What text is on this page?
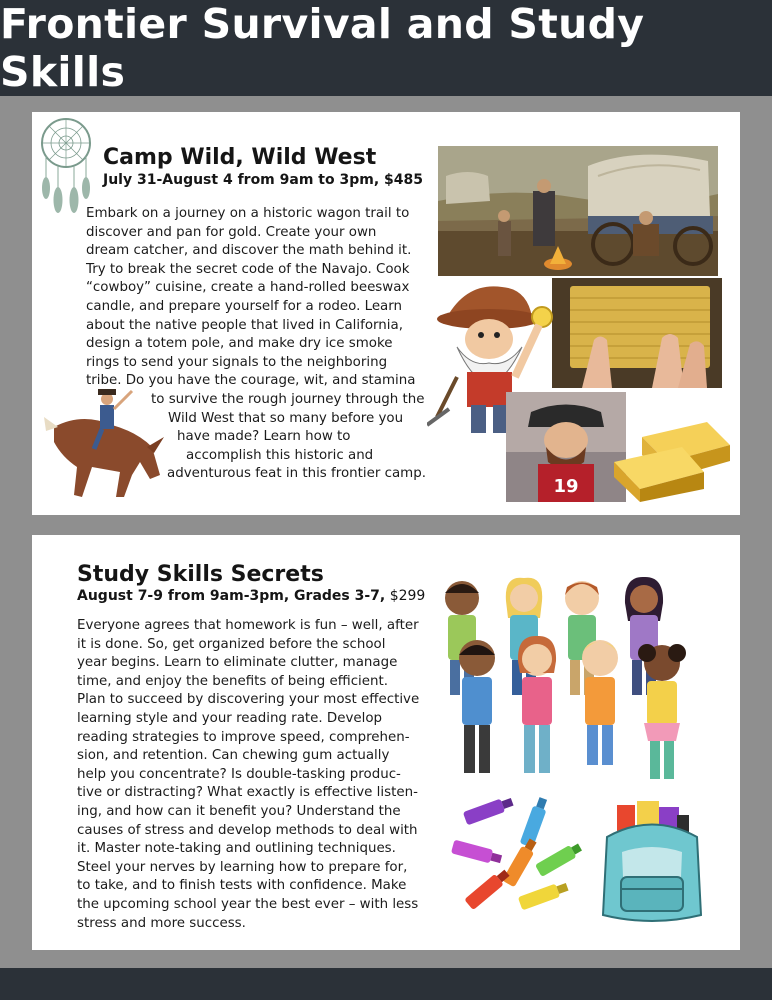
Frontier Survival and Study Skills
Camp Wild, Wild West
July 31-August 4 from 9am to 3pm, $485
Embark on a journey on a historic wagon trail to
discover and pan for gold. Create your own
dream catcher, and discover the math behind it.
Try to break the secret code of the Navajo. Cook
“cowboy” cuisine, create a hand-rolled beeswax
candle, and prepare yourself for a rodeo. Learn
about the native people that lived in California,
design a totem pole, and make dry ice smoke
rings to send your signals to the neighboring
tribe. Do you have the courage, wit, and stamina
to survive the rough journey through the
Wild West that so many before you
have made? Learn how to
accomplish this historic and
adventurous feat in this frontier camp.
19
Study Skills Secrets
August 7-9 from 9am-3pm, Grades 3-7, $299
Everyone agrees that homework is fun – well, after
it is done. So, get organized before the school
year begins. Learn to eliminate clutter, manage
time, and enjoy the benefits of being efficient.
Plan to succeed by discovering your most effective
learning style and your reading rate. Develop
reading strategies to improve speed, comprehen-
sion, and retention. Can chewing gum actually
help you concentrate? Is double-tasking produc-
tive or distracting? What exactly is effective listen-
ing, and how can it benefit you? Understand the
causes of stress and develop methods to deal with
it. Master note-taking and outlining techniques.
Steel your nerves by learning how to prepare for,
to take, and to finish tests with confidence. Make
the upcoming school year the best ever – with less
stress and more success.
